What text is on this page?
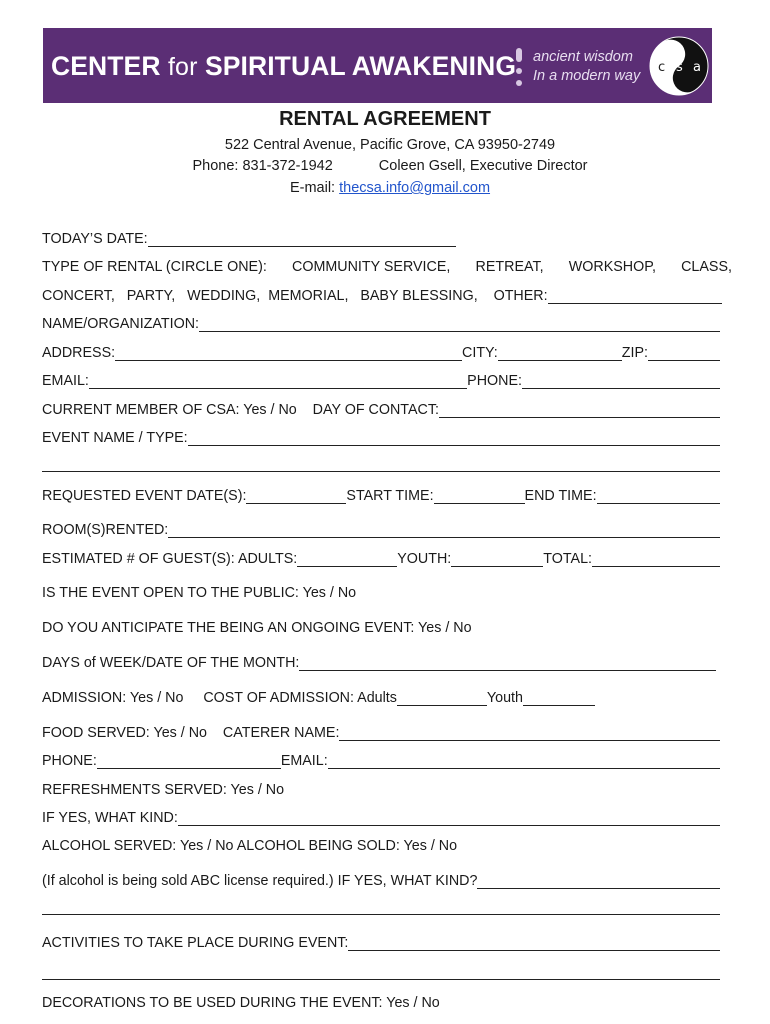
CENTER for SPIRITUAL AWAKENING ancient wisdom
In a modern way
c s a
RENTAL AGREEMENT
522 Central Avenue, Pacific Grove, CA 93950-2749
Phone: 831-372-1942	Coleen Gsell, Executive Director
E-mail: thecsa.info@gmail.com
TODAY’S DATE:
TYPE OF RENTAL (CIRCLE ONE): COMMUNITY SERVICE, RETREAT, WORKSHOP, CLASS,
CONCERT,
PARTY,
WEDDING,
MEMORIAL,
BABY BLESSING,
OTHER:
NAME/ORGANIZATION:
ADDRESS:	CITY:	ZIP:
EMAIL:	PHONE:
CURRENT MEMBER OF CSA: Yes / No
DAY OF CONTACT:
EVENT NAME / TYPE:
REQUESTED EVENT DATE(S):	START TIME:	END TIME:
ROOM(S)RENTED:
ESTIMATED # OF GUEST(S): ADULTS:	YOUTH:	TOTAL:
IS THE EVENT OPEN TO THE PUBLIC: Yes / No
DO YOU ANTICIPATE THE BEING AN ONGOING EVENT: Yes / No
DAYS of WEEK/DATE OF THE MONTH:
ADMISSION: Yes / No
COST OF ADMISSION: Adults	Youth
FOOD SERVED: Yes / No
CATERER NAME:
PHONE:	EMAIL:
REFRESHMENTS SERVED: Yes / No
IF YES, WHAT KIND:
ALCOHOL SERVED: Yes / No ALCOHOL BEING SOLD: Yes / No
(If alcohol is being sold ABC license required.) IF YES, WHAT KIND?
ACTIVITIES TO TAKE PLACE DURING EVENT:
DECORATIONS TO BE USED DURING THE EVENT: Yes / No
